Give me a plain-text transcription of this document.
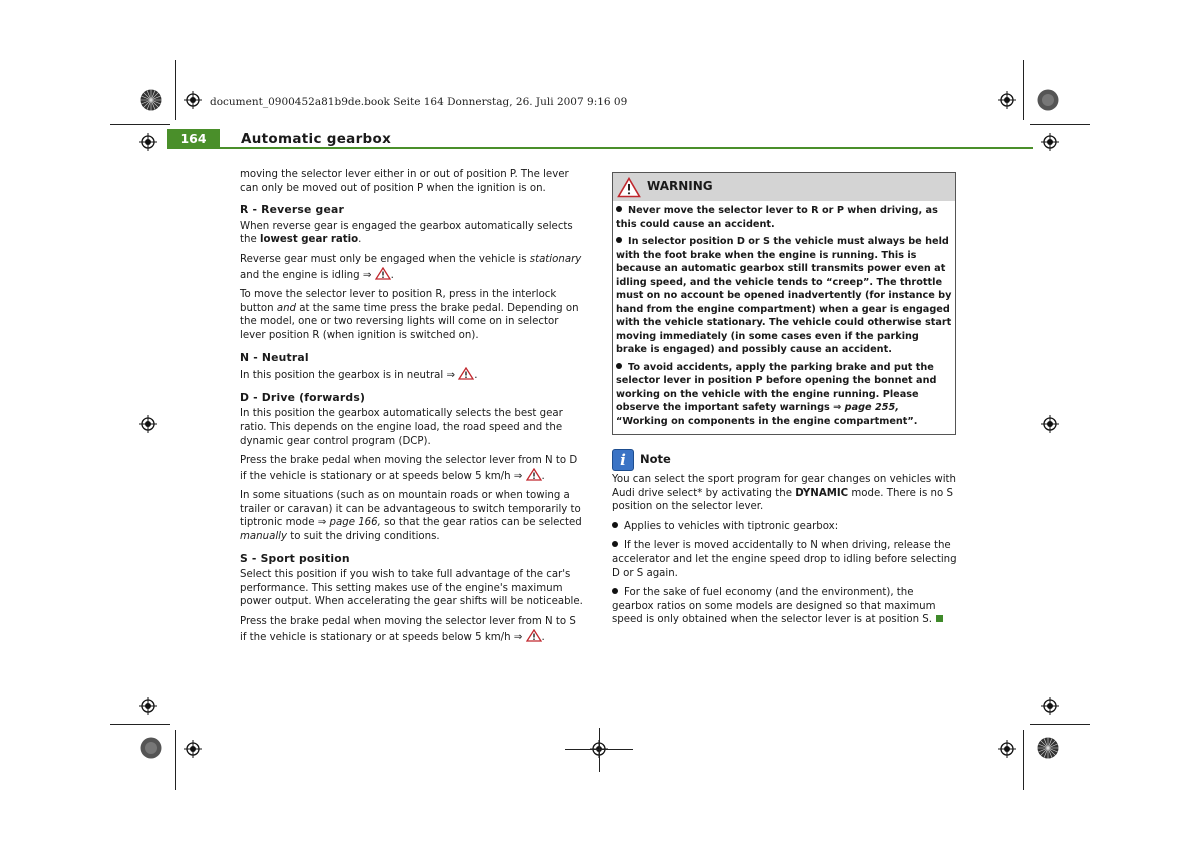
document_0900452a81b9de.book Seite 164 Donnerstag, 26. Juli 2007 9:16 09
164	Automatic gearbox

moving the selector lever either in or out of position P. The lever can only be moved out of position P when the ignition is on.

R - Reverse gear

When reverse gear is engaged the gearbox automatically selects the lowest gear ratio.

Reverse gear must only be engaged when the vehicle is stationary and the engine is idling ⇒
.

To move the selector lever to position R, press in the interlock button and at the same time press the brake pedal. Depending on the model, one or two reversing lights will come on in selector lever position R (when ignition is switched on).

N - Neutral

In this position the gearbox is in neutral ⇒
.

D - Drive (forwards)

In this position the gearbox automatically selects the best gear ratio. This depends on the engine load, the road speed and the dynamic gear control program (DCP).

Press the brake pedal when moving the selector lever from N to D if the vehicle is stationary or at speeds below 5 km/h ⇒
.

In some situations (such as on mountain roads or when towing a trailer or caravan) it can be advantageous to switch temporarily to tiptronic mode ⇒ page 166, so that the gear ratios can be selected manually to suit the driving conditions.

S - Sport position

Select this position if you wish to take full advantage of the car's performance. This setting makes use of the engine's maximum power output. When accelerating the gear shifts will be noticeable.

Press the brake pedal when moving the selector lever from N to S if the vehicle is stationary or at speeds below 5 km/h ⇒
.

WARNING

Never move the selector lever to R or P when driving, as this could cause an accident.

In selector position D or S the vehicle must always be held with the foot brake when the engine is running. This is because an automatic gearbox still transmits power even at idling speed, and the vehicle tends to “creep”. The throttle must on no account be opened inadvertently (for instance by hand from the engine compartment) when a gear is engaged with the vehicle stationary. The vehicle could otherwise start moving immediately (in some cases even if the parking brake is engaged) and possibly cause an accident.

To avoid accidents, apply the parking brake and put the selector lever in position P before opening the bonnet and working on the vehicle with the engine running. Please observe the important safety warnings ⇒ page 255, “Working on components in the engine compartment”.

i	Note

You can select the sport program for gear changes on vehicles with Audi drive select* by activating the DYNAMIC mode. There is no S position on the selector lever.

Applies to vehicles with tiptronic gearbox:

If the lever is moved accidentally to N when driving, release the accelerator and let the engine speed drop to idling before selecting D or S again.

For the sake of fuel economy (and the environment), the gearbox ratios on some models are designed so that maximum speed is only obtained when the selector lever is at position S.
